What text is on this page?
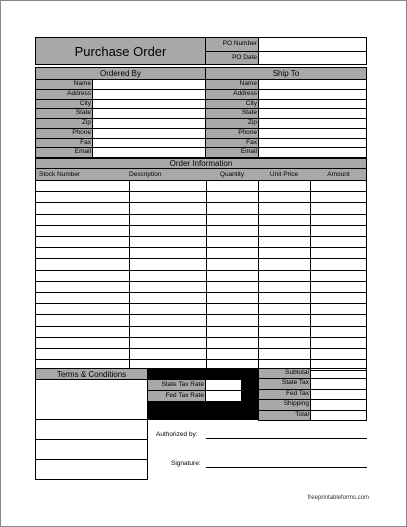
Purchase Order
PO Number
PO Date
Ordered By	Ship To
Name	Name
Address	Address
City	City
State	State
Zip	Zip
Phone	Phone
Fax	Fax
Email	Email
Order Information
Stock Number	Description	Quantity	Unit Price	Amount
Terms & Conditions
State Tax Rate
Fed Tax Rate
Subtotal
State Tax
Fed Tax
Shipping
Total
Authorized by:
Signature:
freeprintableforms.com
